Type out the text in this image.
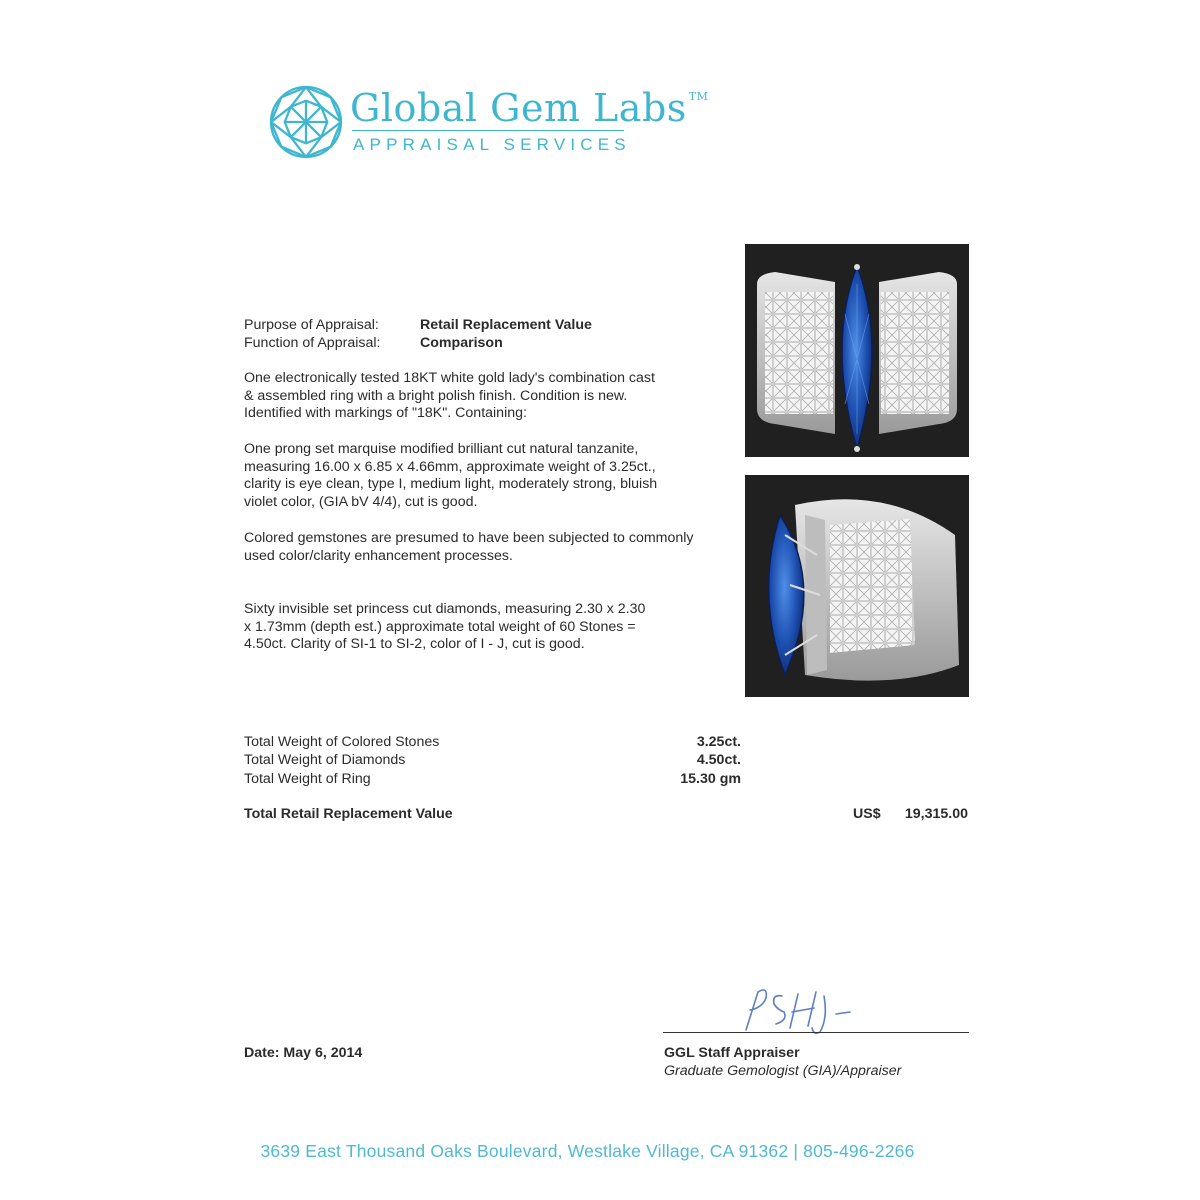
Global Gem Labs ™
APPRAISAL SERVICES
Purpose of Appraisal:	Retail Replacement Value
Function of Appraisal:	Comparison
One electronically tested 18KT white gold lady's combination cast
& assembled ring with a bright polish finish. Condition is new.
Identified with markings of "18K". Containing:
One prong set marquise modified brilliant cut natural tanzanite,
measuring 16.00 x 6.85 x 4.66mm, approximate weight of 3.25ct.,
clarity is eye clean, type I, medium light, moderately strong, bluish
violet color, (GIA bV 4/4), cut is good.
Colored gemstones are presumed to have been subjected to commonly
used color/clarity enhancement processes.
Sixty invisible set princess cut diamonds, measuring 2.30 x 2.30
x 1.73mm (depth est.) approximate total weight of 60 Stones =
4.50ct. Clarity of SI-1 to SI-2, color of I - J, cut is good.
Total Weight of Colored Stones	3.25ct.
Total Weight of Diamonds	4.50ct.
Total Weight of Ring	15.30 gm
Total Retail Replacement Value	US$	19,315.00
Date: May 6, 2014	GGL Staff Appraiser
Graduate Gemologist (GIA)/Appraiser
3639 East Thousand Oaks Boulevard, Westlake Village, CA 91362 | 805-496-2266
